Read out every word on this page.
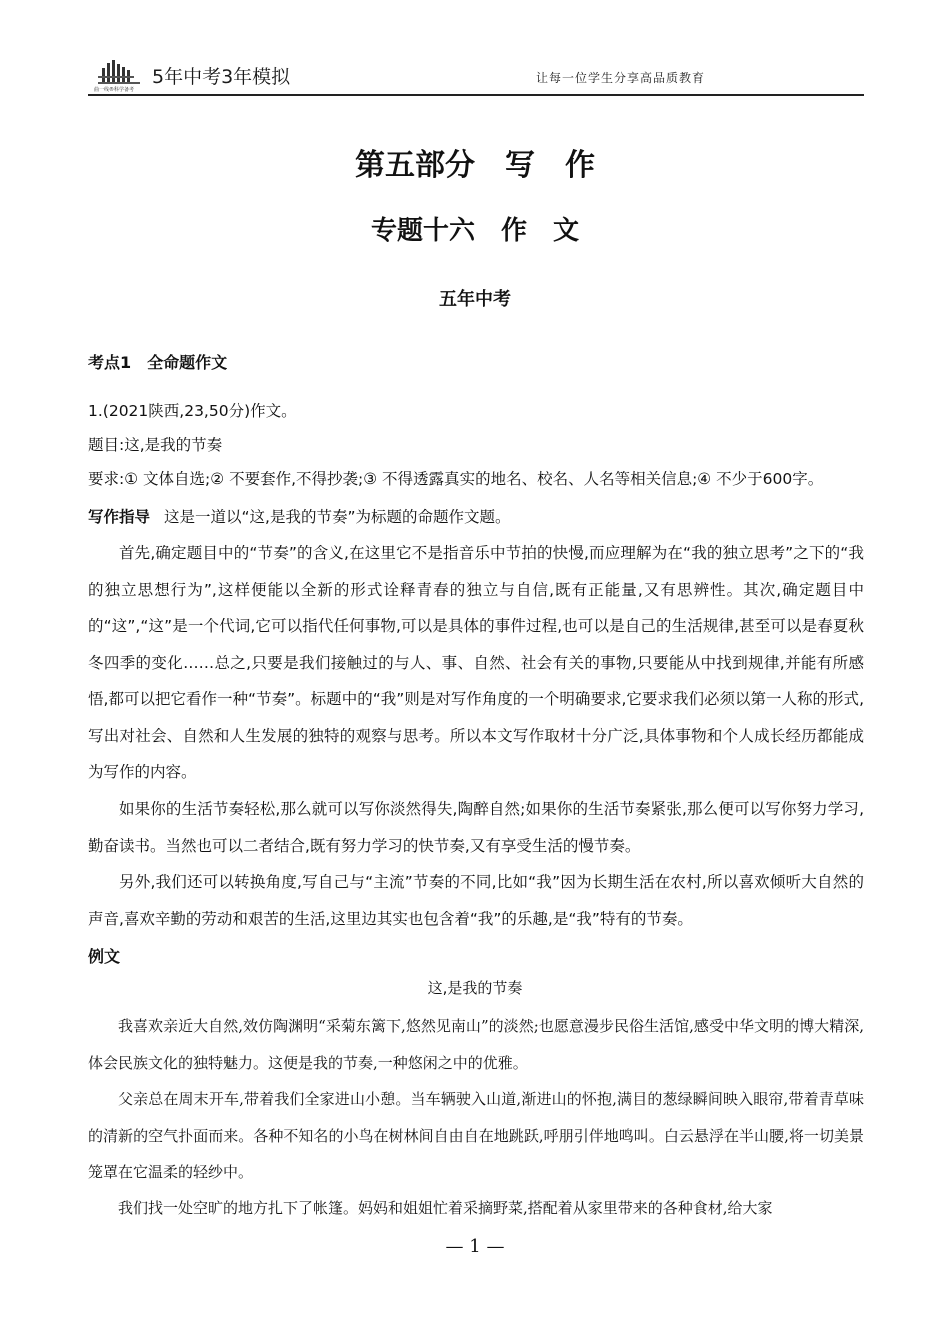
曲一线®科学备考
5年中考3年模拟	让每一位学生分享高品质教育
第五部分　写　作
专题十六　作　文
五年中考
考点1　全命题作文
1.(2021陕西,23,50分)作文。
题目:这,是我的节奏
要求:① 文体自选;② 不要套作,不得抄袭;③ 不得透露真实的地名、校名、人名等相关信息;④ 不少于600字。
写作指导 这是一道以“这,是我的节奏”为标题的命题作文题。
首先,确定题目中的“节奏”的含义,在这里它不是指音乐中节拍的快慢,而应理解为在“我的独立思考”之下的“我的独立思想行为”,这样便能以全新的形式诠释青春的独立与自信,既有正能量,又有思辨性。其次,确定题目中的“这”,“这”是一个代词,它可以指代任何事物,可以是具体的事件过程,也可以是自己的生活规律,甚至可以是春夏秋冬四季的变化……总之,只要是我们接触过的与人、事、自然、社会有关的事物,只要能从中找到规律,并能有所感悟,都可以把它看作一种“节奏”。标题中的“我”则是对写作角度的一个明确要求,它要求我们必须以第一人称的形式,写出对社会、自然和人生发展的独特的观察与思考。所以本文写作取材十分广泛,具体事物和个人成长经历都能成为写作的内容。
如果你的生活节奏轻松,那么就可以写你淡然得失,陶醉自然;如果你的生活节奏紧张,那么便可以写你努力学习,勤奋读书。当然也可以二者结合,既有努力学习的快节奏,又有享受生活的慢节奏。
另外,我们还可以转换角度,写自己与“主流”节奏的不同,比如“我”因为长期生活在农村,所以喜欢倾听大自然的声音,喜欢辛勤的劳动和艰苦的生活,这里边其实也包含着“我”的乐趣,是“我”特有的节奏。
例文
这,是我的节奏
我喜欢亲近大自然,效仿陶渊明“采菊东篱下,悠然见南山”的淡然;也愿意漫步民俗生活馆,感受中华文明的博大精深,体会民族文化的独特魅力。这便是我的节奏,一种悠闲之中的优雅。
父亲总在周末开车,带着我们全家进山小憩。当车辆驶入山道,渐进山的怀抱,满目的葱绿瞬间映入眼帘,带着青草味的清新的空气扑面而来。各种不知名的小鸟在树林间自由自在地跳跃,呼朋引伴地鸣叫。白云悬浮在半山腰,将一切美景笼罩在它温柔的轻纱中。
我们找一处空旷的地方扎下了帐篷。妈妈和姐姐忙着采摘野菜,搭配着从家里带来的各种食材,给大家
— 1 —
